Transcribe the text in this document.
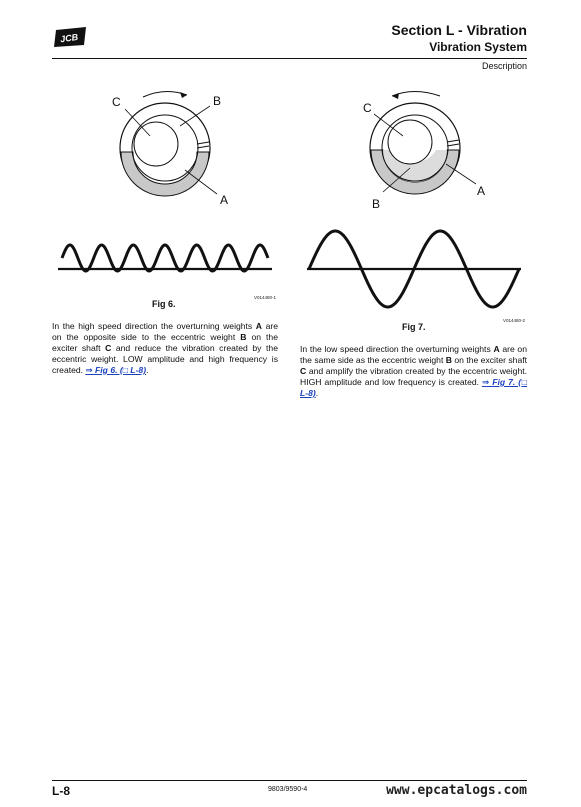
JCB
Section L - Vibration
Vibration System
Description
C	B
A
Fig 6.
V014480-1
C
B
A
V014480-2
Fig 7.
In the high speed direction the overturning weights A are on the opposite side to the eccentric weight B on the exciter shaft C and reduce the vibration created by the eccentric weight. LOW amplitude and high frequency is created. ⇒ Fig 6. (□ L-8).
In the low speed direction the overturning weights A are on the same side as the eccentric weight B on the exciter shaft C and amplify the vibration created by the eccentric weight. HIGH amplitude and low frequency is created. ⇒ Fig 7. (□ L-8).
L-8	9803/9590-4	www.epcatalogs.com
